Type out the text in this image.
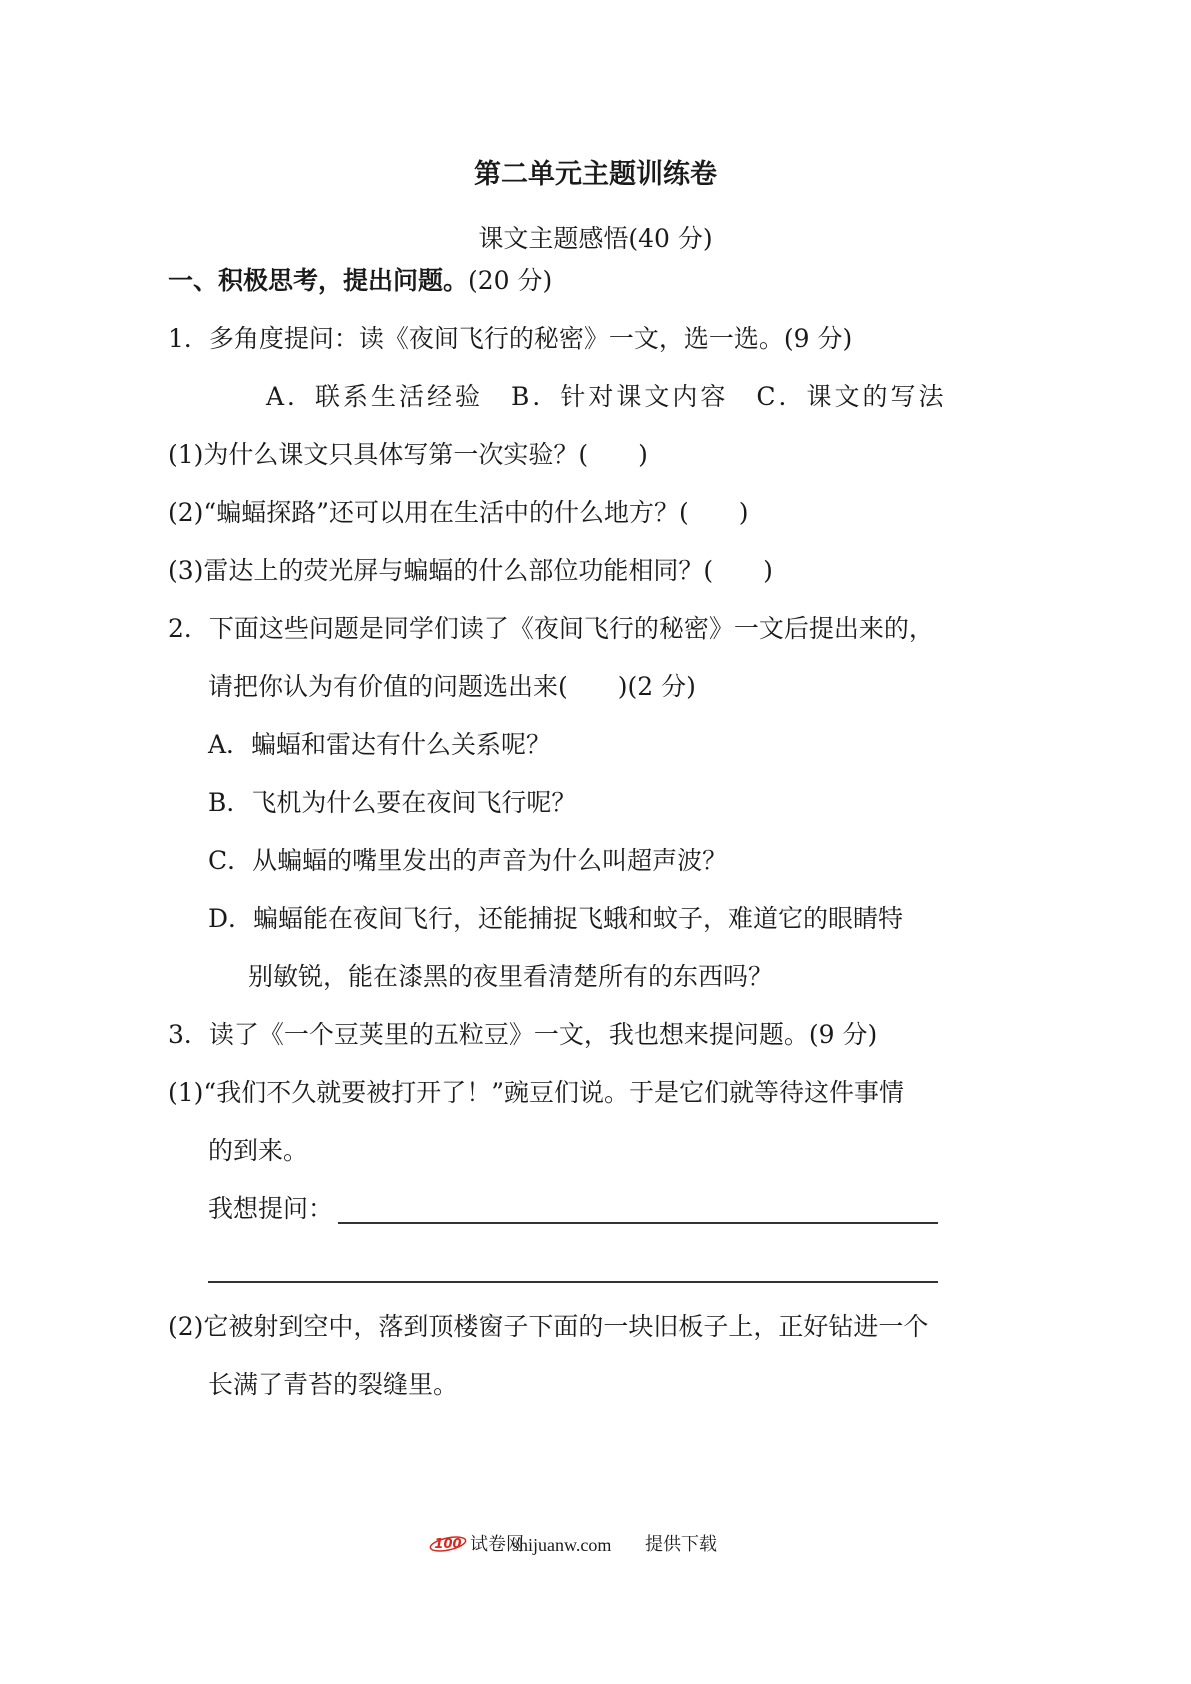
第二单元主题训练卷
课文主题感悟(40 分)
一、积极思考，提出问题。(20 分)
1．多角度提问：读《夜间飞行的秘密》一文，选一选。(9 分)
A．联系生活经验　B．针对课文内容　C．课文的写法
(1)为什么课文只具体写第一次实验？(　　)
(2)“蝙蝠探路”还可以用在生活中的什么地方？(　　)
(3)雷达上的荧光屏与蝙蝠的什么部位功能相同？(　　)
2．下面这些问题是同学们读了《夜间飞行的秘密》一文后提出来的，
请把你认为有价值的问题选出来(　　)(2 分)
A．蝙蝠和雷达有什么关系呢？
B．飞机为什么要在夜间飞行呢？
C．从蝙蝠的嘴里发出的声音为什么叫超声波？
D．蝙蝠能在夜间飞行，还能捕捉飞蛾和蚊子，难道它的眼睛特
别敏锐，能在漆黑的夜里看清楚所有的东西吗？
3．读了《一个豆荚里的五粒豆》一文，我也想来提问题。(9 分)
(1)“我们不久就要被打开了！”豌豆们说。于是它们就等待这件事情
的到来。
我想提问：
(2)它被射到空中，落到顶楼窗子下面的一块旧板子上，正好钻进一个
长满了青苔的裂缝里。
100 试卷网
shijuanw.com 提供下载
